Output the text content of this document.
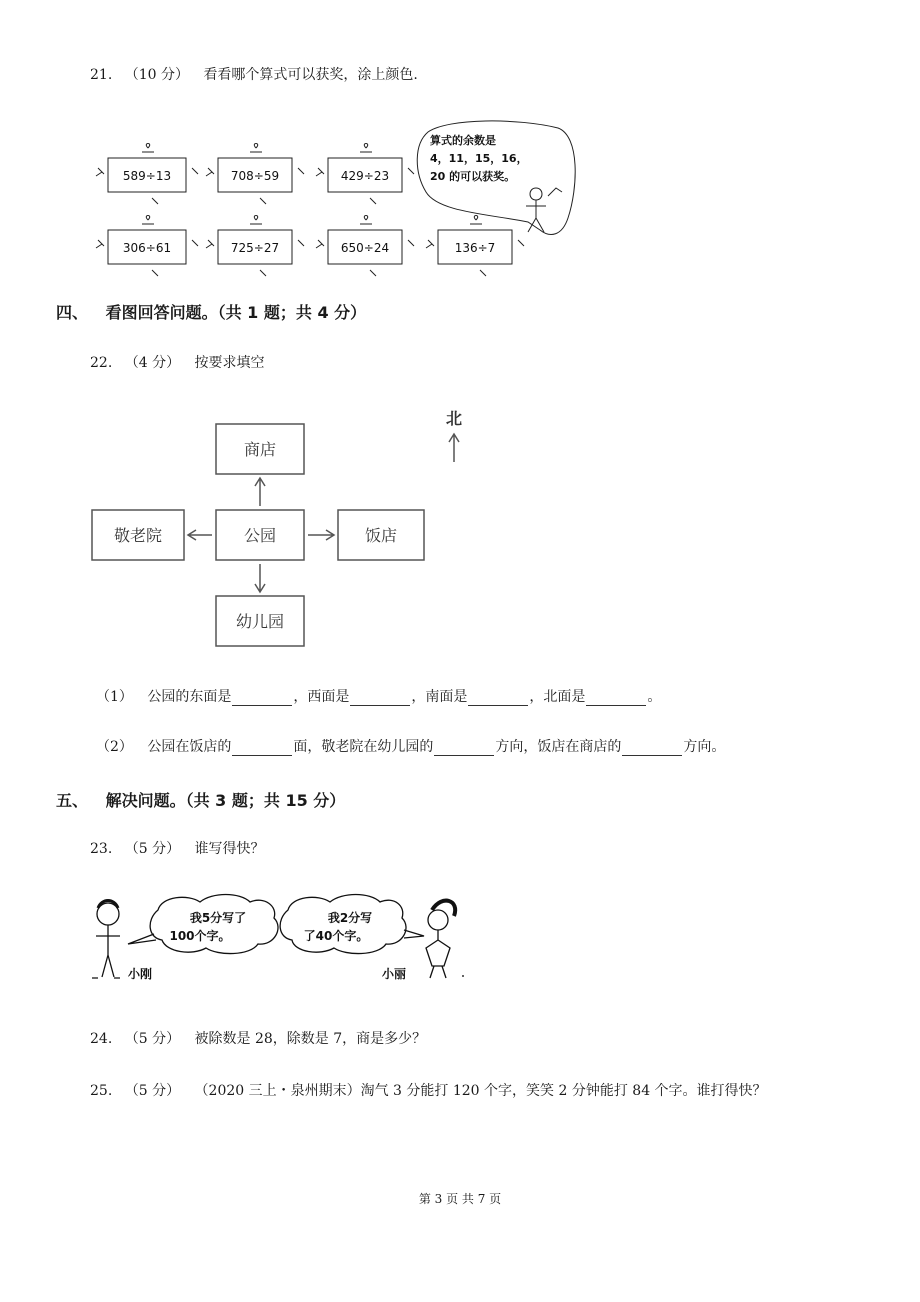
21. （10 分） 看看哪个算式可以获奖，涂上颜色.
589÷13	708÷59	429÷23
306÷61	725÷27	650÷24	136÷7
算式的余数是
4，11，15，16，
20 的可以获奖。
四、 看图回答问题。（共 1 题；共 4 分）
22. （4 分） 按要求填空
北
商店
公园
敬老院	饭店
幼儿园
（1） 公园的东面是	，西面是	，南面是	，北面是	。
（2） 公园在饭店的	面，敬老院在幼儿园的	方向，饭店在商店的	方向。
五、 解决问题。（共 3 题；共 15 分）
23. （5 分） 谁写得快？
我5分写了
100个字。
我2分写
了40个字。
小刚	小丽
24. （5 分） 被除数是 28，除数是 7，商是多少？
25. （5 分） （2020 三上・泉州期末）淘气 3 分能打 120 个字，笑笑 2 分钟能打 84 个字。谁打得快？
第 3 页 共 7 页
